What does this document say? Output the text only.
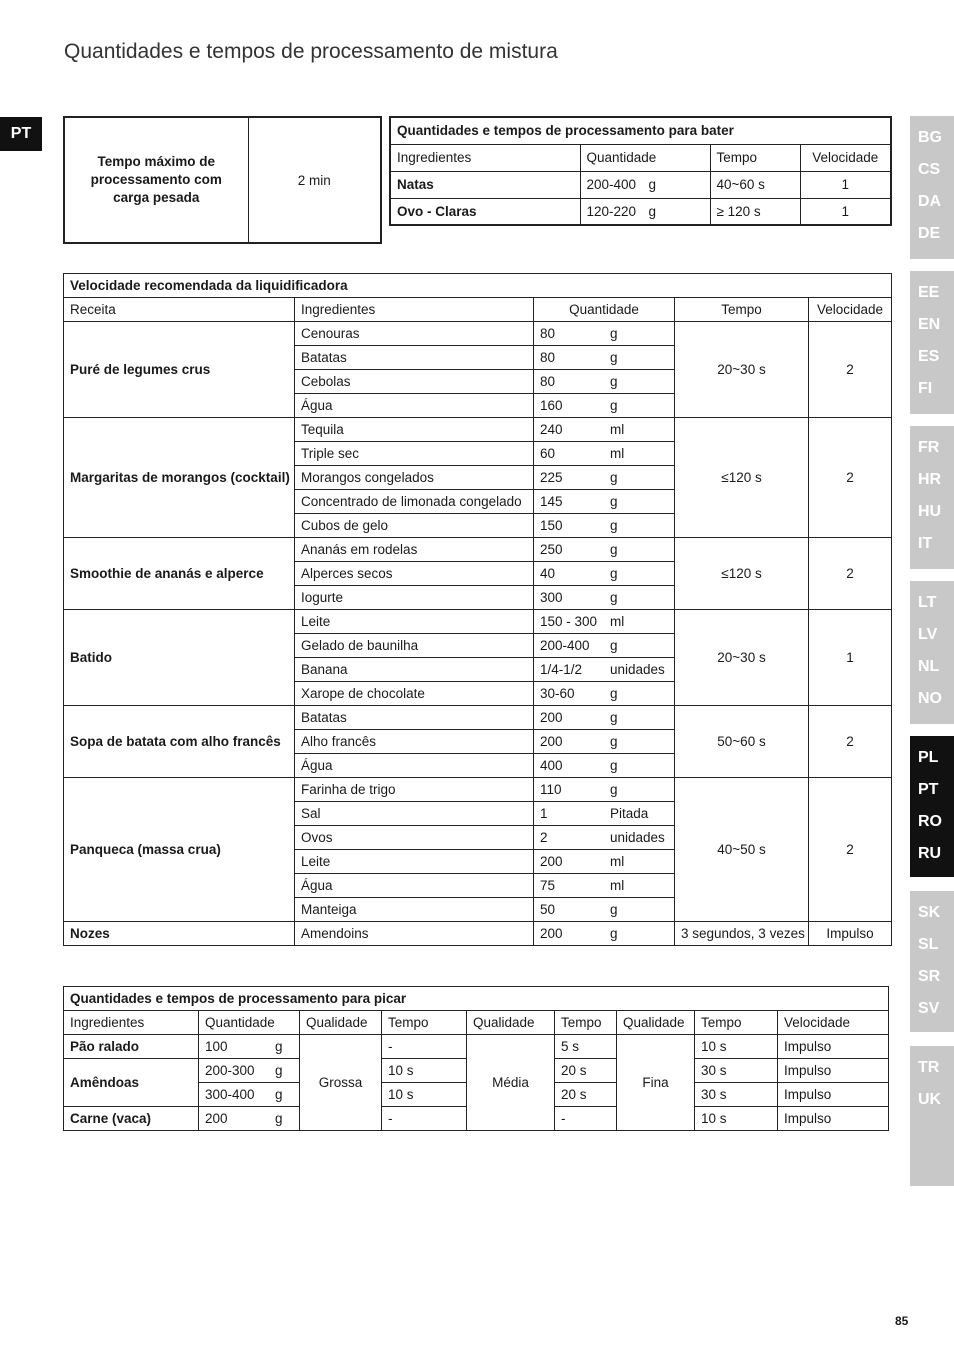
Quantidades e tempos de processamento de mistura
PT
Tempo máximo de processamento com carga pesada	2 min
Quantidades e tempos de processamento para bater			
Ingredientes	Quantidade	Tempo	Velocidade
Natas	200-400 g	40~60 s	1
Ovo - Claras	120-220 g	≥ 120 s	1
Velocidade recomendada da liquidificadora				
Receita	Ingredientes	Quantidade	Tempo	Velocidade
Puré de legumes crus	Cenouras	80 g	20~30 s	2
	Batatas	80 g		
	Cebolas	80 g		
	Água	160 g		
Margaritas de morangos (cocktail)	Tequila	240 ml	≤120 s	2
	Triple sec	60 ml		
	Morangos congelados	225 g		
	Concentrado de limonada congelado	145 g		
	Cubos de gelo	150 g		
Smoothie de ananás e alperce	Ananás em rodelas	250 g	≤120 s	2
	Alperces secos	40 g		
	Iogurte	300 g		
Batido	Leite	150 - 300 ml	20~30 s	1
	Gelado de baunilha	200-400 g		
	Banana	1/4-1/2 unidades		
	Xarope de chocolate	30-60 g		
Sopa de batata com alho francês	Batatas	200 g	50~60 s	2
	Alho francês	200 g		
	Água	400 g		
Panqueca (massa crua)	Farinha de trigo	110 g	40~50 s	2
	Sal	1 Pitada		
	Ovos	2 unidades		
	Leite	200 ml		
	Água	75 ml		
	Manteiga	50 g		
Nozes	Amendoins	200 g	3 segundos, 3 vezes	Impulso
Quantidades e tempos de processamento para picar								
Ingredientes	Quantidade	Qualidade	Tempo	Qualidade	Tempo	Qualidade	Tempo	Velocidade
Pão ralado	100 g	Grossa	-	Média	5 s	Fina	10 s	Impulso
Amêndoas	200-300 g		10 s		20 s		30 s	Impulso
	300-400 g		10 s		20 s		30 s	Impulso
Carne (vaca)	200 g		-		-		10 s	Impulso
BG
CS
DA
DE
EE
EN
ES
FI
FR
HR
HU
IT
LT
LV
NL
NO
PL
PT
RO
RU
SK
SL
SR
SV
TR
UK
85
